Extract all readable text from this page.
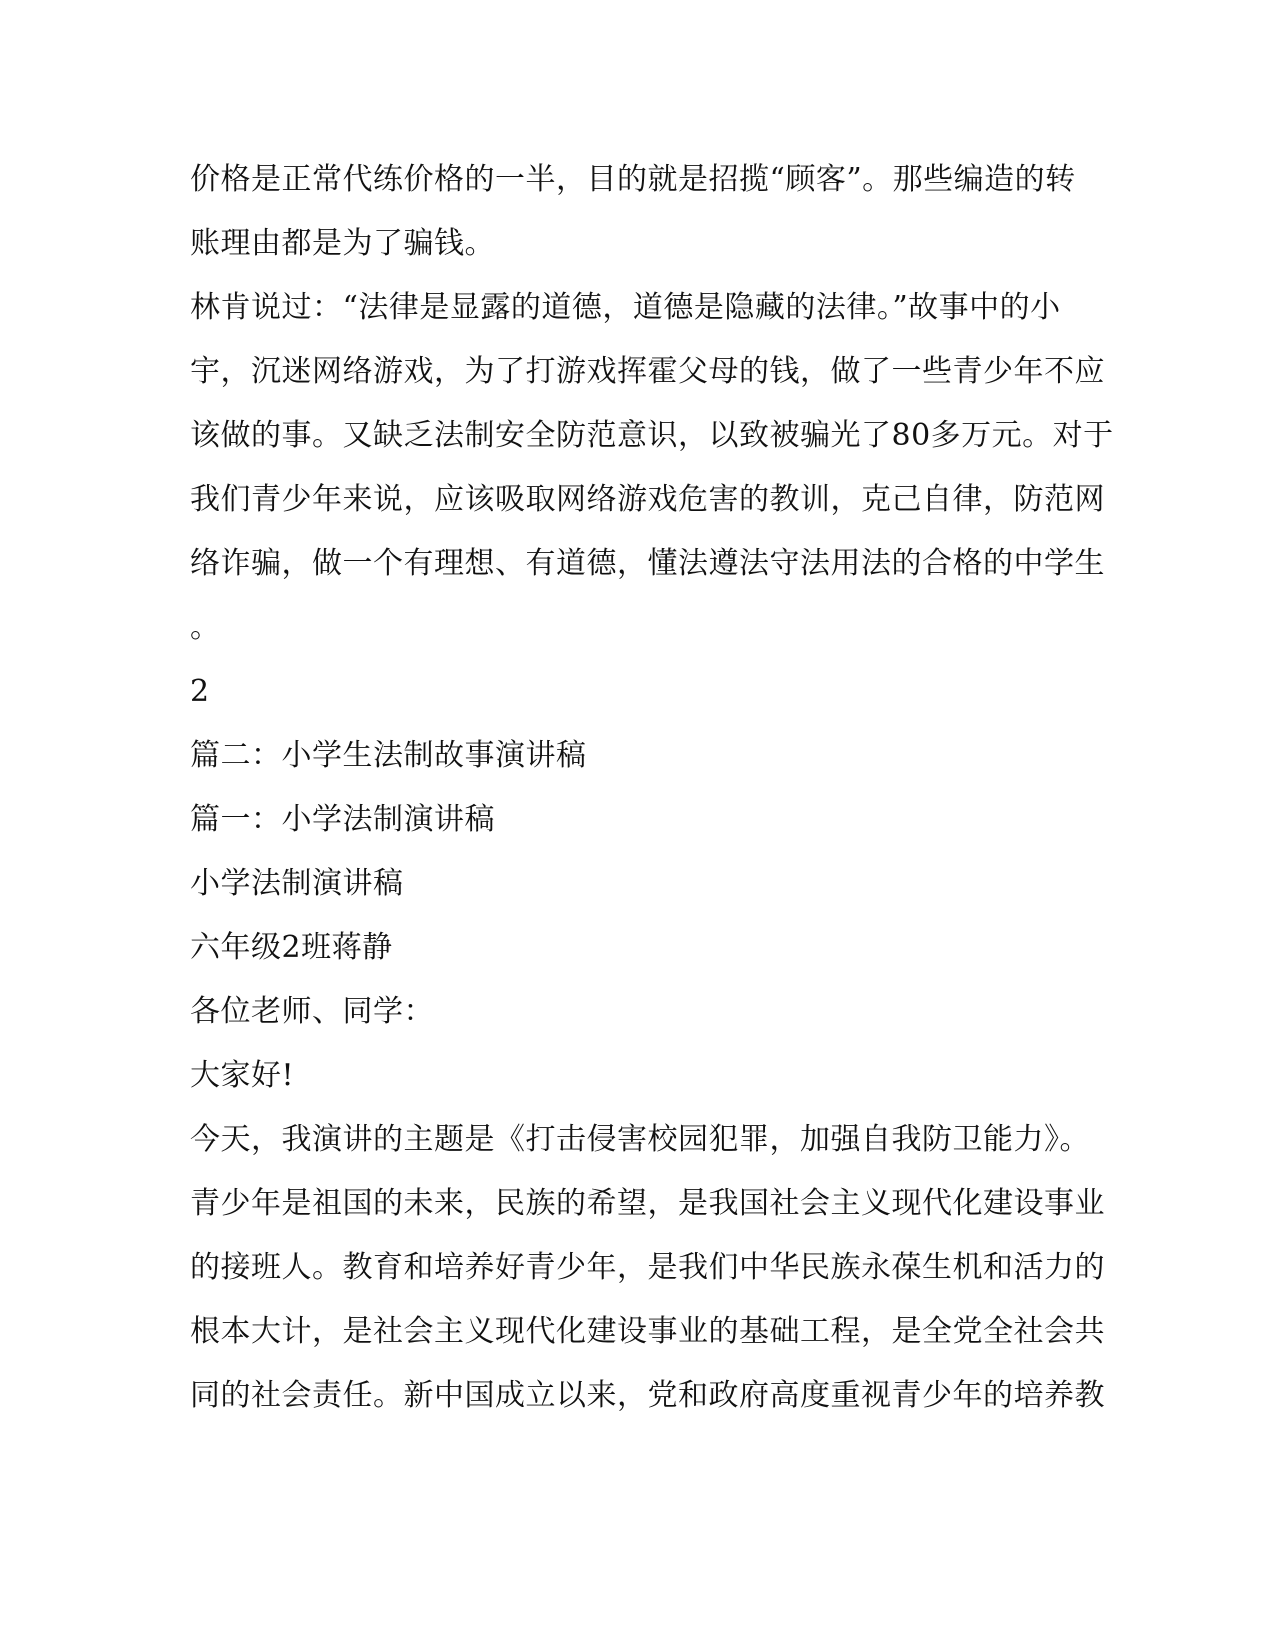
价格是正常代练价格的一半，目的就是招揽“顾客”。那些编造的转
账理由都是为了骗钱。
林肯说过：“法律是显露的道德，道德是隐藏的法律。”故事中的小
宇，沉迷网络游戏，为了打游戏挥霍父母的钱，做了一些青少年不应
该做的事。又缺乏法制安全防范意识，以致被骗光了80多万元。对于
我们青少年来说，应该吸取网络游戏危害的教训，克己自律，防范网
络诈骗，做一个有理想、有道德，懂法遵法守法用法的合格的中学生
。
2
篇二：小学生法制故事演讲稿
篇一：小学法制演讲稿
小学法制演讲稿
六年级2班蒋静
各位老师、同学：
大家好!
今天，我演讲的主题是《打击侵害校园犯罪，加强自我防卫能力》。
青少年是祖国的未来，民族的希望，是我国社会主义现代化建设事业
的接班人。教育和培养好青少年，是我们中华民族永葆生机和活力的
根本大计，是社会主义现代化建设事业的基础工程，是全党全社会共
同的社会责任。新中国成立以来，党和政府高度重视青少年的培养教
